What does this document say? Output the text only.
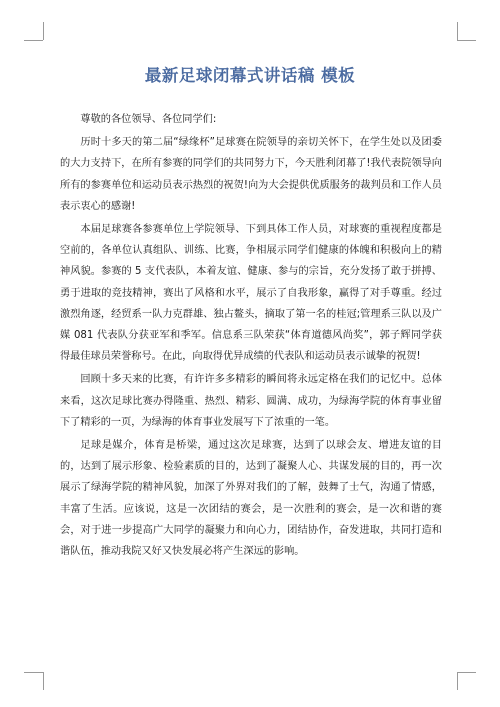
最新足球闭幕式讲话稿 模板

尊敬的各位领导、各位同学们:

历时十多天的第二届“绿缘杯”足球赛在院领导的亲切关怀下，在学生处以及团委的大力支持下，在所有参赛的同学们的共同努力下，今天胜利闭幕了!我代表院领导向所有的参赛单位和运动员表示热烈的祝贺!向为大会提供优质服务的裁判员和工作人员表示衷心的感谢!

本届足球赛各参赛单位上学院领导、下到具体工作人员，对球赛的重视程度都是空前的，各单位认真组队、训练、比赛，争相展示同学们健康的体魄和积极向上的精神风貌。参赛的 5 支代表队，本着友谊、健康、参与的宗旨，充分发扬了敢于拼搏、勇于进取的竞技精神，赛出了风格和水平，展示了自我形象，赢得了对手尊重。经过激烈角逐，经贸系一队力克群雄、独占鳌头，摘取了第一名的桂冠;管理系三队以及广媒 081 代表队分获亚军和季军。信息系三队荣获“体育道德风尚奖”，郭子辉同学获得最佳球员荣誉称号。在此，向取得优异成绩的代表队和运动员表示诚挚的祝贺!

回顾十多天来的比赛，有许许多多精彩的瞬间将永远定格在我们的记忆中。总体来看，这次足球比赛办得隆重、热烈、精彩、圆满、成功，为绿海学院的体育事业留下了精彩的一页，为绿海的体育事业发展写下了浓重的一笔。

足球是媒介，体育是桥梁，通过这次足球赛，达到了以球会友、增进友谊的目的，达到了展示形象、检验素质的目的，达到了凝聚人心、共谋发展的目的，再一次展示了绿海学院的精神风貌，加深了外界对我们的了解，鼓舞了士气，沟通了情感，丰富了生活。应该说，这是一次团结的赛会，是一次胜利的赛会，是一次和谐的赛会，对于进一步提高广大同学的凝聚力和向心力，团结协作，奋发进取，共同打造和谐队伍，推动我院又好又快发展必将产生深远的影响。
